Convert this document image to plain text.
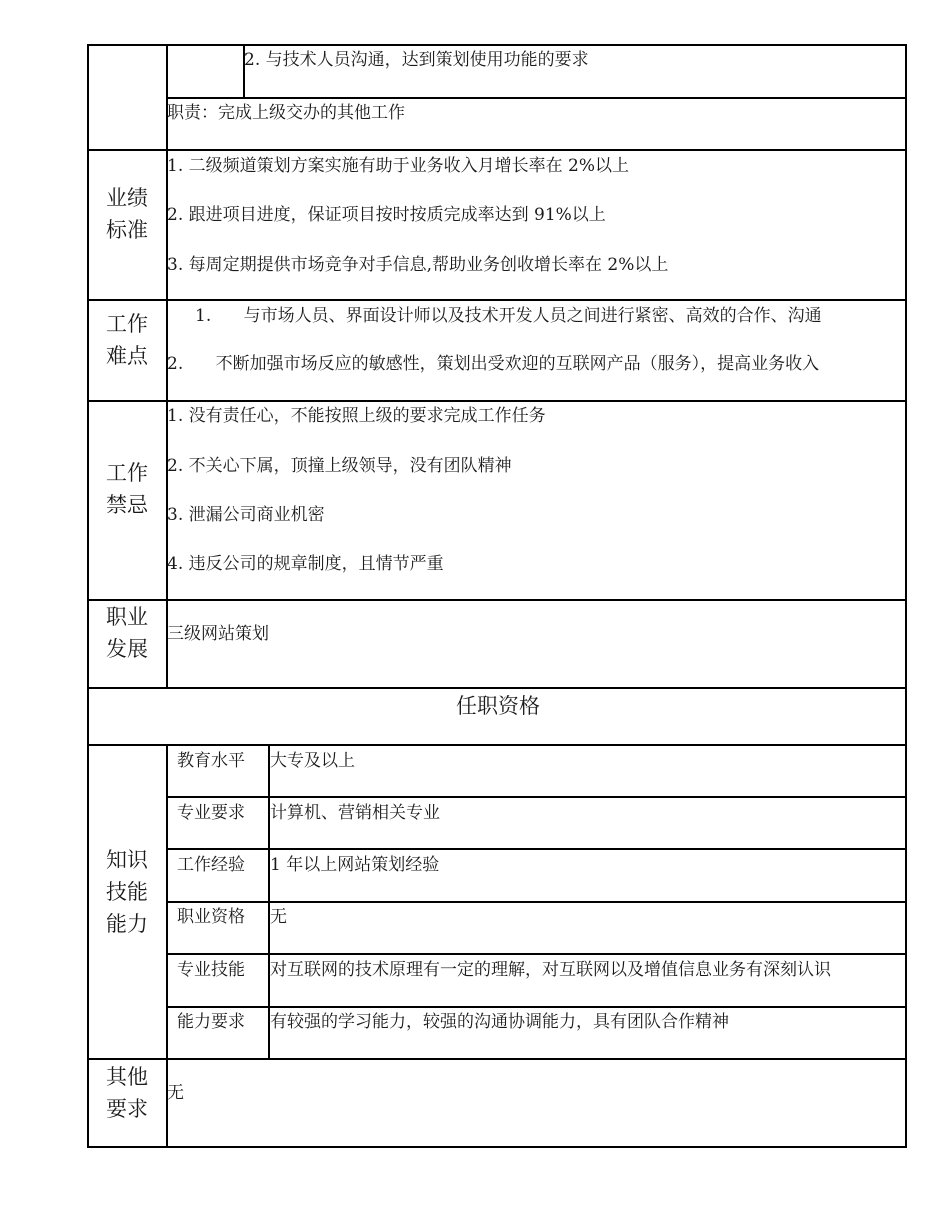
2. 与技术人员沟通，达到策划使用功能的要求
职责：完成上级交办的其他工作
业绩
标准
1. 二级频道策划方案实施有助于业务收入月增长率在 2%以上
2. 跟进项目进度，保证项目按时按质完成率达到 91%以上
3. 每周定期提供市场竞争对手信息,帮助业务创收增长率在 2%以上
工作
难点
1.      与市场人员、界面设计师以及技术开发人员之间进行紧密、高效的合作、沟通
2.      不断加强市场反应的敏感性，策划出受欢迎的互联网产品（服务），提高业务收入
工作
禁忌
1. 没有责任心，不能按照上级的要求完成工作任务
2. 不关心下属，顶撞上级领导，没有团队精神
3. 泄漏公司商业机密
4. 违反公司的规章制度，且情节严重
职业
发展
三级网站策划
任职资格
知识
技能
能力
教育水平 大专及以上
专业要求 计算机、营销相关专业
工作经验 1 年以上网站策划经验
职业资格 无
专业技能 对互联网的技术原理有一定的理解，对互联网以及增值信息业务有深刻认识
能力要求 有较强的学习能力，较强的沟通协调能力，具有团队合作精神
其他
要求
无
